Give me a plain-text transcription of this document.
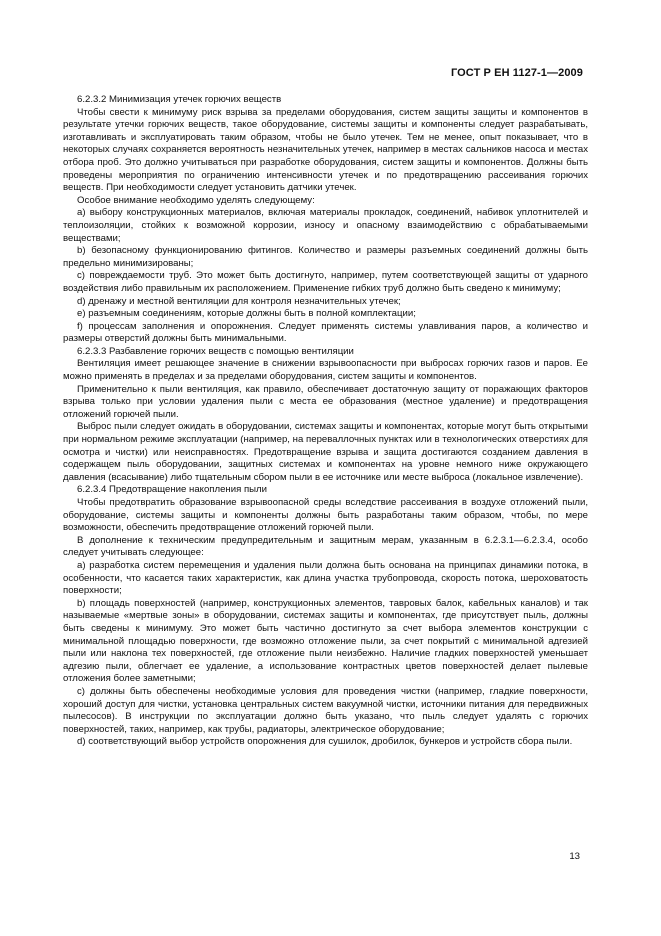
ГОСТ Р ЕН 1127-1—2009

6.2.3.2 Минимизация утечек горючих веществ

Чтобы свести к минимуму риск взрыва за пределами оборудования, систем защиты защиты и компонентов в результате утечки горючих веществ, такое оборудование, системы защиты и компоненты следует разрабатывать, изготавливать и эксплуатировать таким образом, чтобы не было утечек. Тем не менее, опыт показывает, что в некоторых случаях сохраняется вероятность незначительных утечек, например в местах сальников насоса и местах отбора проб. Это должно учитываться при разработке оборудования, систем защиты и компонентов. Должны быть проведены мероприятия по ограничению интенсивности утечек и по предотвращению рассеивания горючих веществ. При необходимости следует установить датчики утечек.

Особое внимание необходимо уделять следующему:

а) выбору конструкционных материалов, включая материалы прокладок, соединений, набивок уплотнителей и теплоизоляции, стойких к возможной коррозии, износу и опасному взаимодействию с обрабатываемыми веществами;

b) безопасному функционированию фитингов. Количество и размеры разъемных соединений должны быть предельно минимизированы;

c) повреждаемости труб. Это может быть достигнуто, например, путем соответствующей защиты от ударного воздействия либо правильным их расположением. Применение гибких труб должно быть сведено к минимуму;

d) дренажу и местной вентиляции для контроля незначительных утечек;

e) разъемным соединениям, которые должны быть в полной комплектации;

f) процессам заполнения и опорожнения. Следует применять системы улавливания паров, а количество и размеры отверстий должны быть минимальными.

6.2.3.3 Разбавление горючих веществ с помощью вентиляции

Вентиляция имеет решающее значение в снижении взрывоопасности при выбросах горючих газов и паров. Ее можно применять в пределах и за пределами оборудования, систем защиты и компонентов.

Применительно к пыли вентиляция, как правило, обеспечивает достаточную защиту от поражающих факторов взрыва только при условии удаления пыли с места ее образования (местное удаление) и предотвращения отложений горючей пыли.

Выброс пыли следует ожидать в оборудовании, системах защиты и компонентах, которые могут быть открытыми при нормальном режиме эксплуатации (например, на переваллочных пунктах или в технологических отверстиях для осмотра и чистки) или неисправностях. Предотвращение взрыва и защита достигаются созданием давления в содержащем пыль оборудовании, защитных системах и компонентах на уровне немного ниже окружающего давления (всасывание) либо тщательным сбором пыли в ее источнике или месте выброса (локальное извлечение).

6.2.3.4 Предотвращение накопления пыли

Чтобы предотвратить образование взрывоопасной среды вследствие рассеивания в воздухе отложений пыли, оборудование, системы защиты и компоненты должны быть разработаны таким образом, чтобы, по мере возможности, обеспечить предотвращение отложений горючей пыли.

В дополнение к техническим предупредительным и защитным мерам, указанным в 6.2.3.1—6.2.3.4, особо следует учитывать следующее:

а) разработка систем перемещения и удаления пыли должна быть основана на принципах динамики потока, в особенности, что касается таких характеристик, как длина участка трубопровода, скорость потока, шероховатость поверхности;

b) площадь поверхностей (например, конструкционных элементов, тавровых балок, кабельных каналов) и так называемые «мертвые зоны» в оборудовании, системах защиты и компонентах, где присутствует пыль, должны быть сведены к минимуму. Это может быть частично достигнуто за счет выбора элементов конструкции с минимальной площадью поверхности, где возможно отложение пыли, за счет покрытий с минимальной адгезией пыли или наклона тех поверхностей, где отложение пыли неизбежно. Наличие гладких поверхностей уменьшает адгезию пыли, облегчает ее удаление, а использование контрастных цветов поверхностей делает пылевые отложения более заметными;

c) должны быть обеспечены необходимые условия для проведения чистки (например, гладкие поверхности, хороший доступ для чистки, установка центральных систем вакуумной чистки, источники питания для передвижных пылесосов). В инструкции по эксплуатации должно быть указано, что пыль следует удалять с горючих поверхностей, таких, например, как трубы, радиаторы, электрическое оборудование;

d) соответствующий выбор устройств опорожнения для сушилок, дробилок, бункеров и устройств сбора пыли.

13
